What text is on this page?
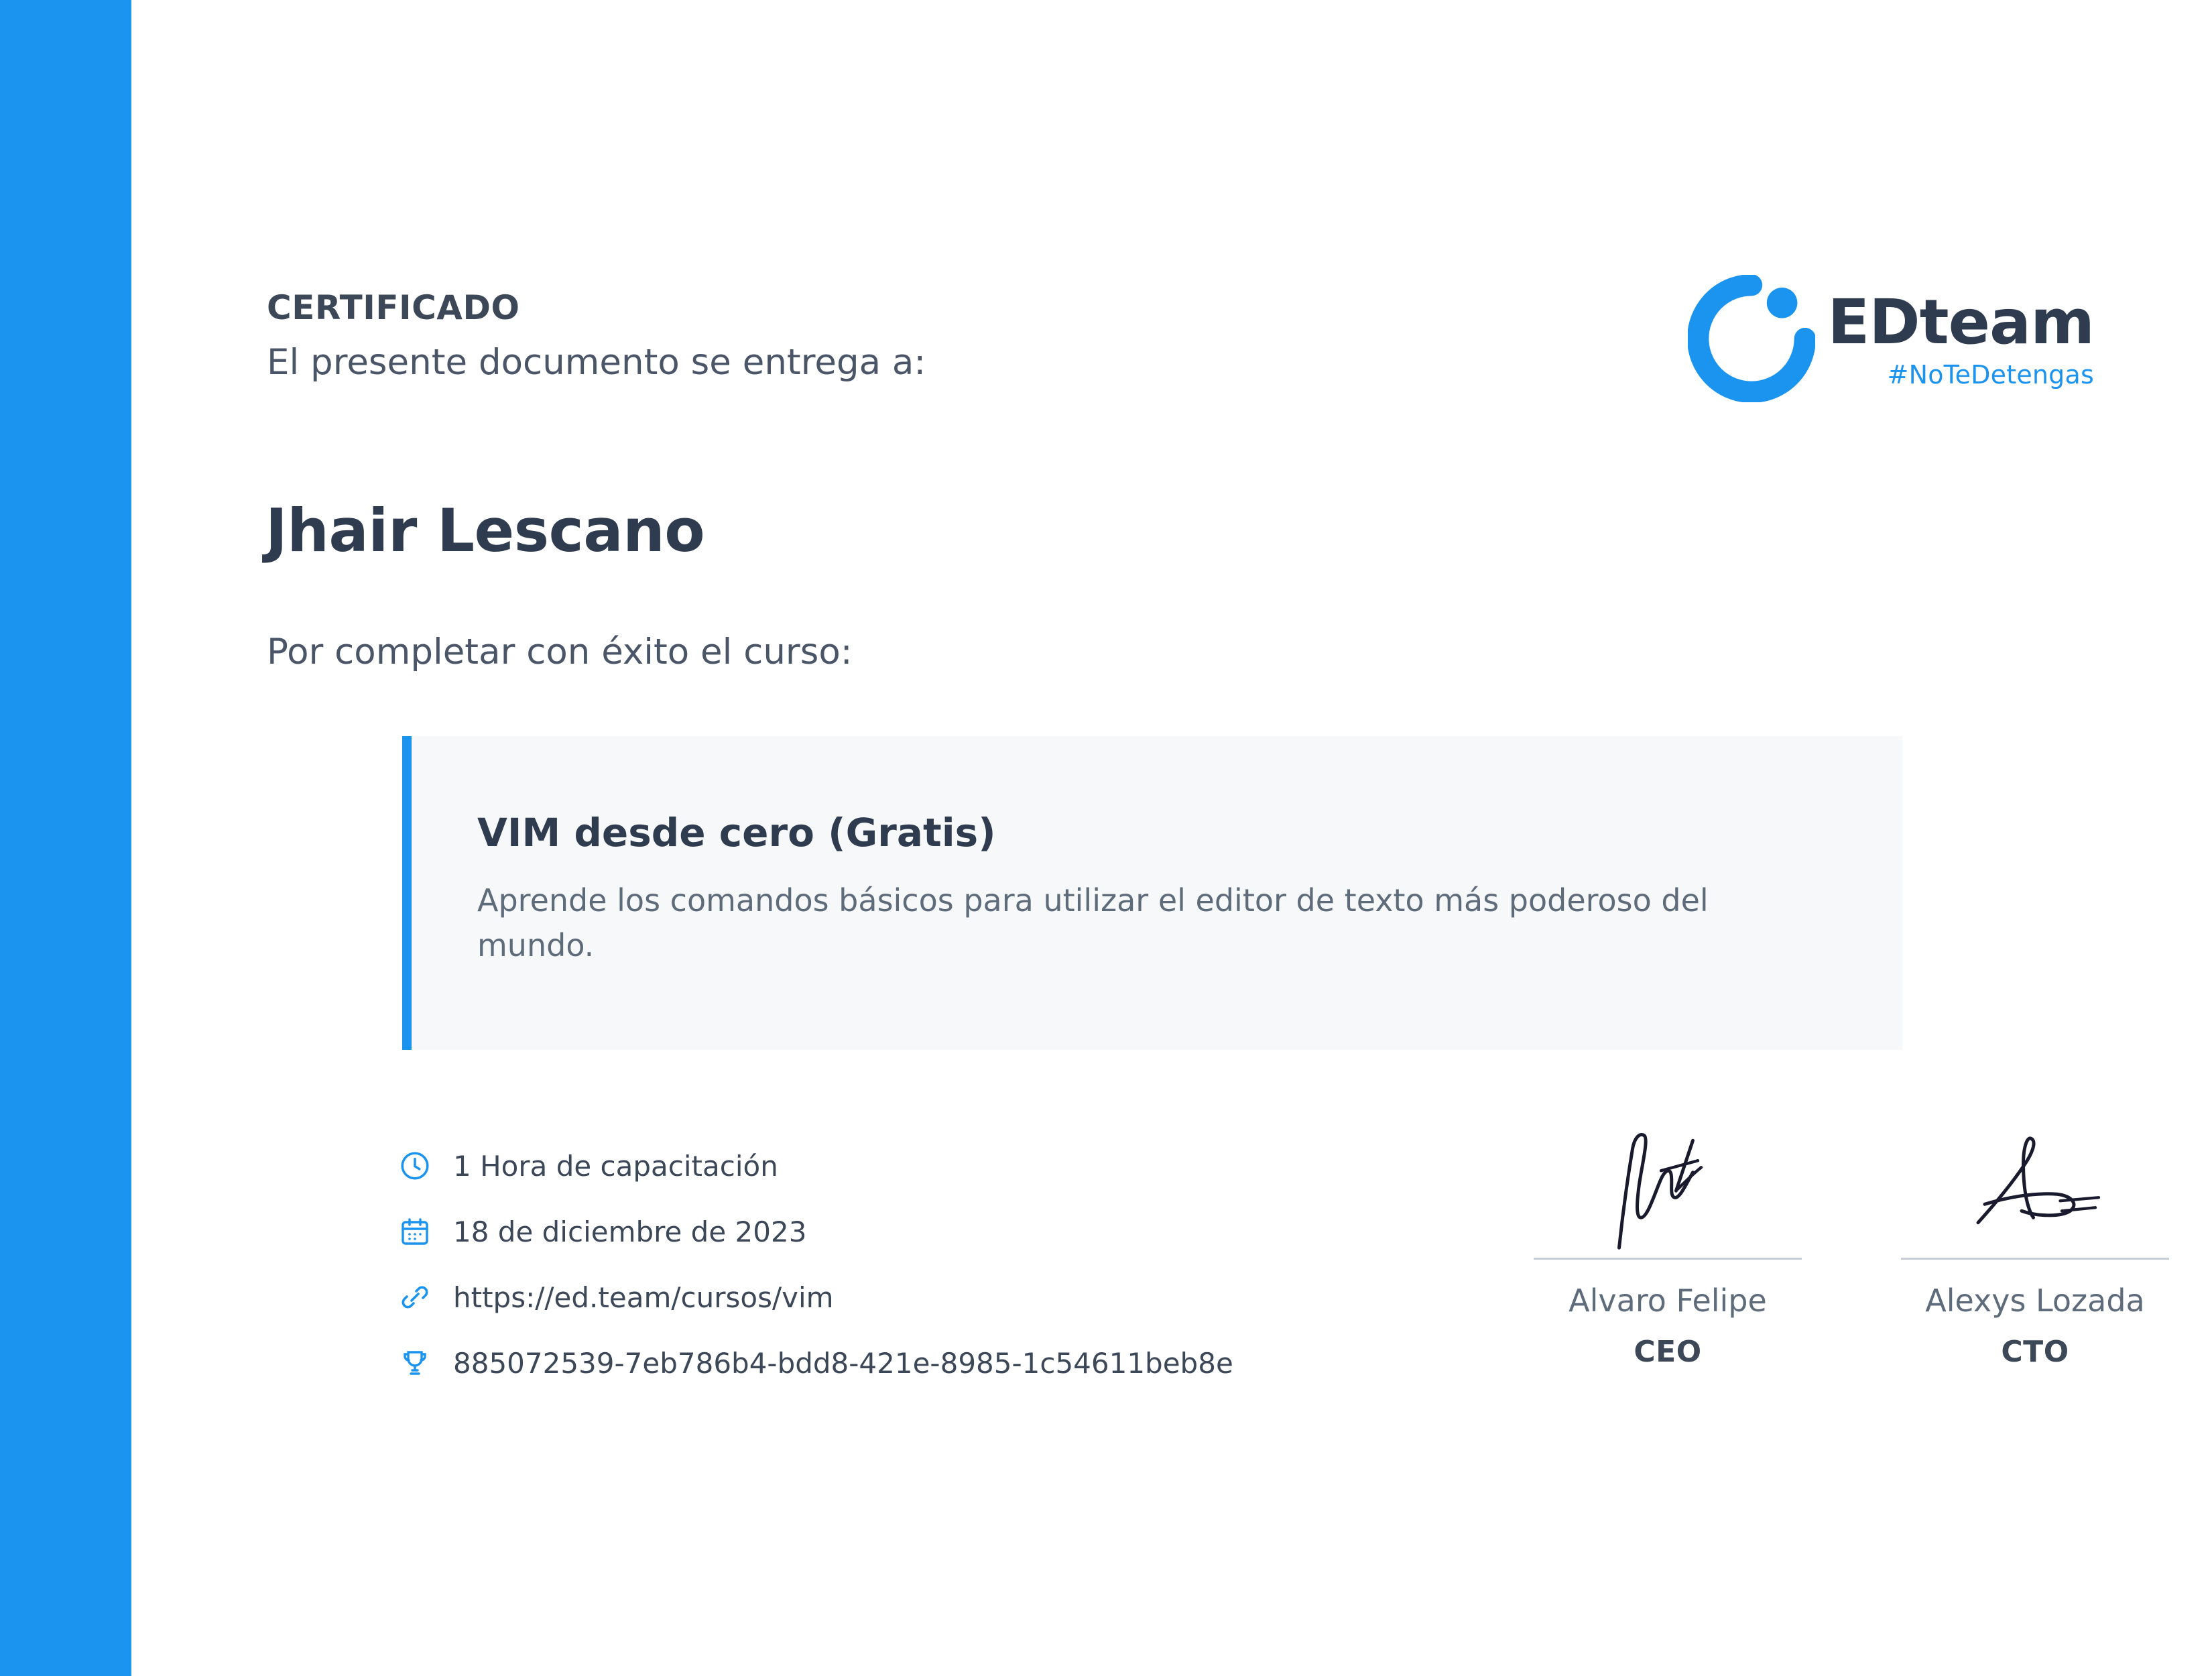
CERTIFICADO
El presente documento se entrega a:
Jhair Lescano
Por completar con éxito el curso:
EDteam
#NoTeDetengas
VIM desde cero (Gratis)
Aprende los comandos básicos para utilizar el editor de texto más poderoso del mundo.
1 Hora de capacitación
18 de diciembre de 2023
https://ed.team/cursos/vim
885072539-7eb786b4-bdd8-421e-8985-1c54611beb8e
Alvaro Felipe
CEO
Alexys Lozada
CTO
